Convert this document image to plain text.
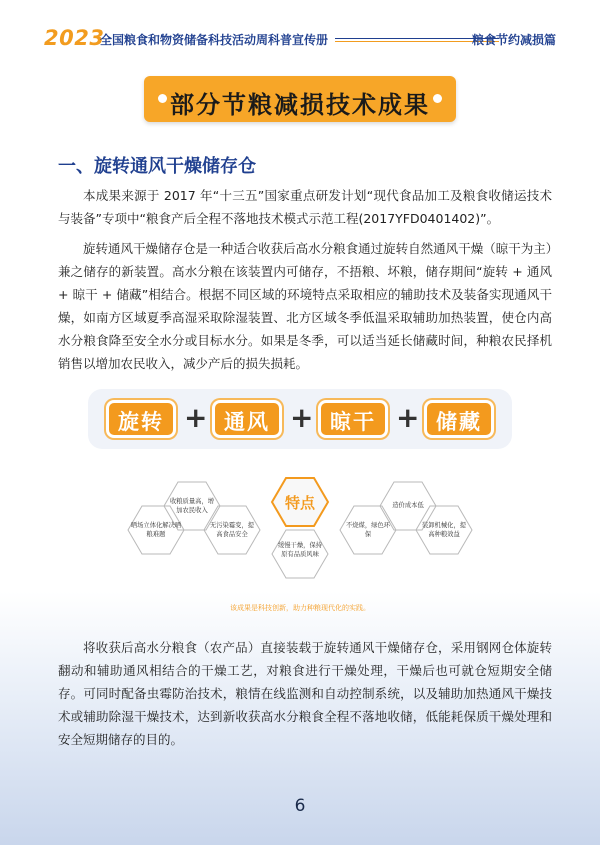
2023
全国粮食和物资储备科技活动周科普宣传册	粮食节约减损篇
部分节粮减损技术成果
一、旋转通风干燥储存仓
本成果来源于 2017 年“十三五”国家重点研发计划“现代食品加工及粮食收储运技术与装备”专项中“粮食产后全程不落地技术模式示范工程(2017YFD0401402)”。
旋转通风干燥储存仓是一种适合收获后高水分粮食通过旋转自然通风干燥（晾干为主）兼之储存的新装置。高水分粮在该装置内可储存，不捂粮、坏粮，储存期间“旋转 + 通风 + 晾干 + 储藏”相结合。根据不同区域的环境特点采取相应的辅助技术及装备实现通风干燥，如南方区域夏季高湿采取除湿装置、北方区域冬季低温采取辅助加热装置，使仓内高水分粮食降至安全水分或目标水分。如果是冬季，可以适当延长储藏时间，种粮农民择机销售以增加农民收入，减少产后的损失损耗。
旋转 + 通风 + 晾干 + 储藏
特点
晒场立体化解决晒粮难题
收粮质量高，增加农民收入
无污染霉变，提高食品安全
缓慢干燥，保持原有品质风味
不烧煤，绿色环保
造价成本低
装卸机械化，提高种粮效益
该成果是科技创新，助力种粮现代化的实践。
将收获后高水分粮食（农产品）直接装载于旋转通风干燥储存仓，采用钢网仓体旋转翻动和辅助通风相结合的干燥工艺，对粮食进行干燥处理，干燥后也可就仓短期安全储存。可同时配备虫霉防治技术，粮情在线监测和自动控制系统，以及辅助加热通风干燥技术或辅助除湿干燥技术，达到新收获高水分粮食全程不落地收储，低能耗保质干燥处理和安全短期储存的目的。
6
